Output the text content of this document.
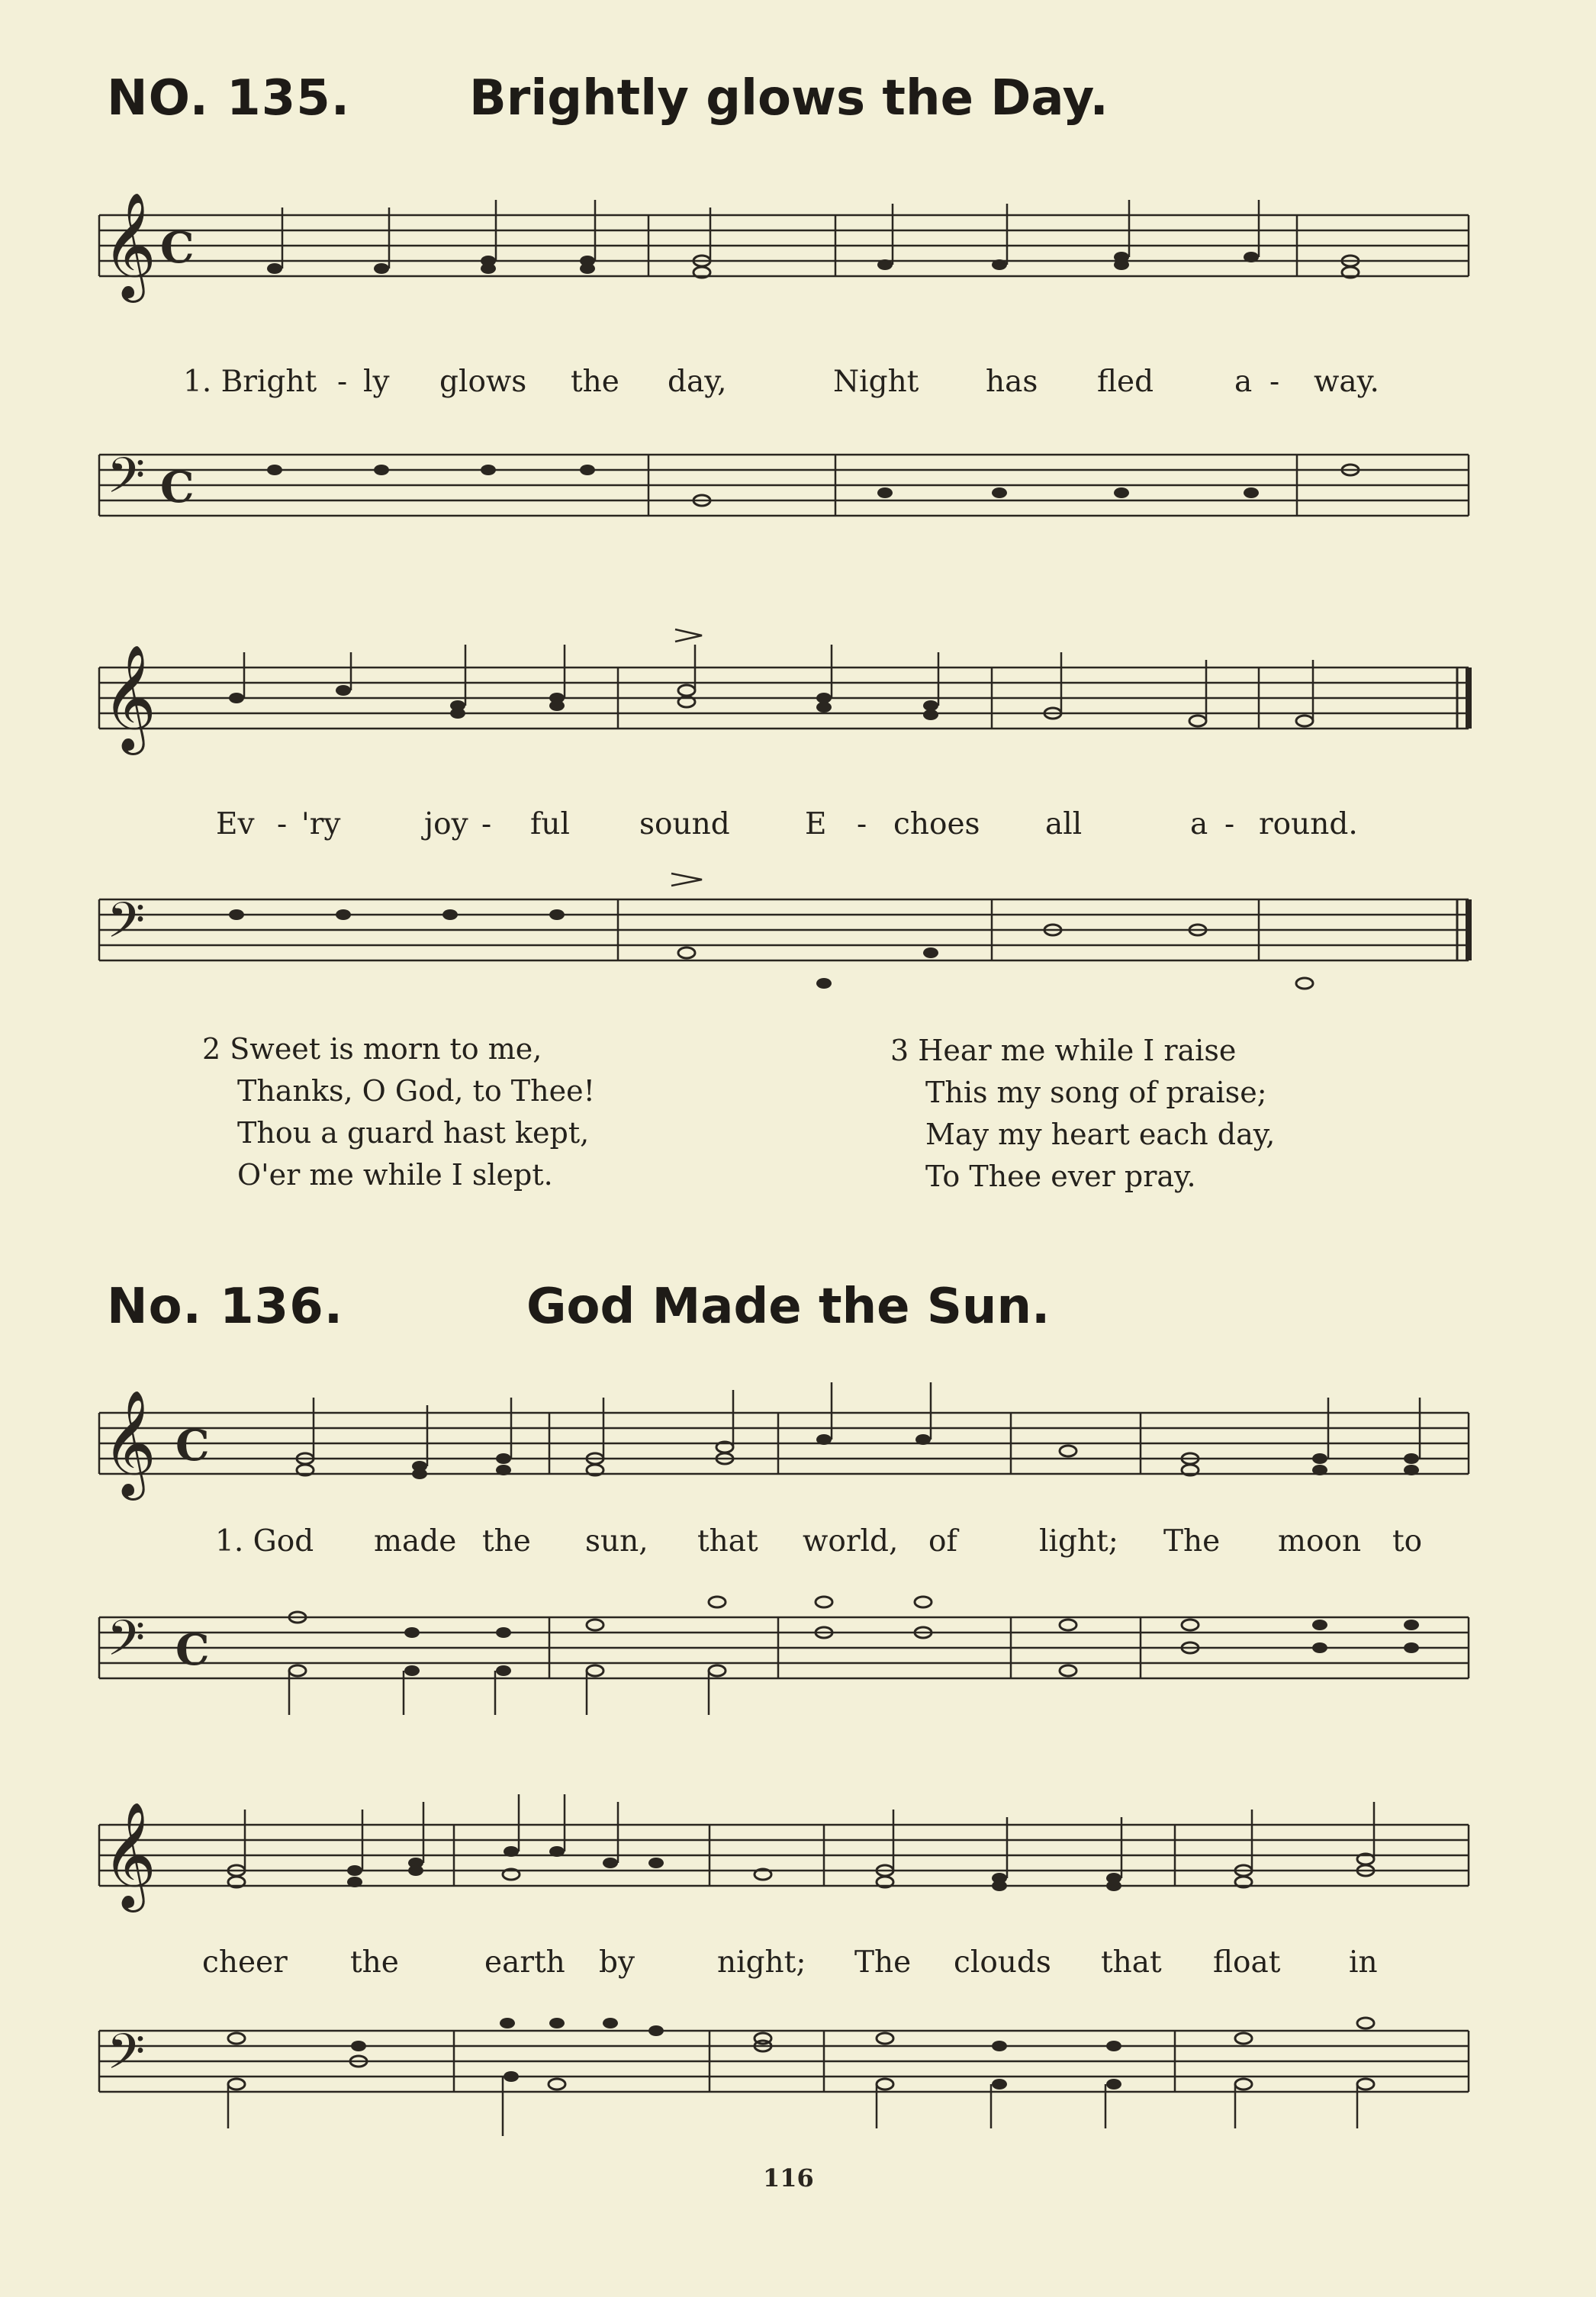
NO. 135. Brightly glows the Day.
𝄞 C
1. Bright - ly glows the day,	Night has fled	a - way.
𝄢 C
𝄞
Ev - 'ry	joy - ful sound	E - choes all	a - round.
𝄢
2 Sweet is morn to me,
Thanks, O God, to Thee!
Thou a guard hast kept,
O'er me while I slept.
3 Hear me while I raise
This my song of praise;
May my heart each day,
To Thee ever pray.
No. 136.	God Made the Sun.
𝄞 C
1. God made the sun, that world, of	light; The moon to
𝄢 C
𝄞
cheer the	earth by	night; The clouds that float in
𝄢
116
